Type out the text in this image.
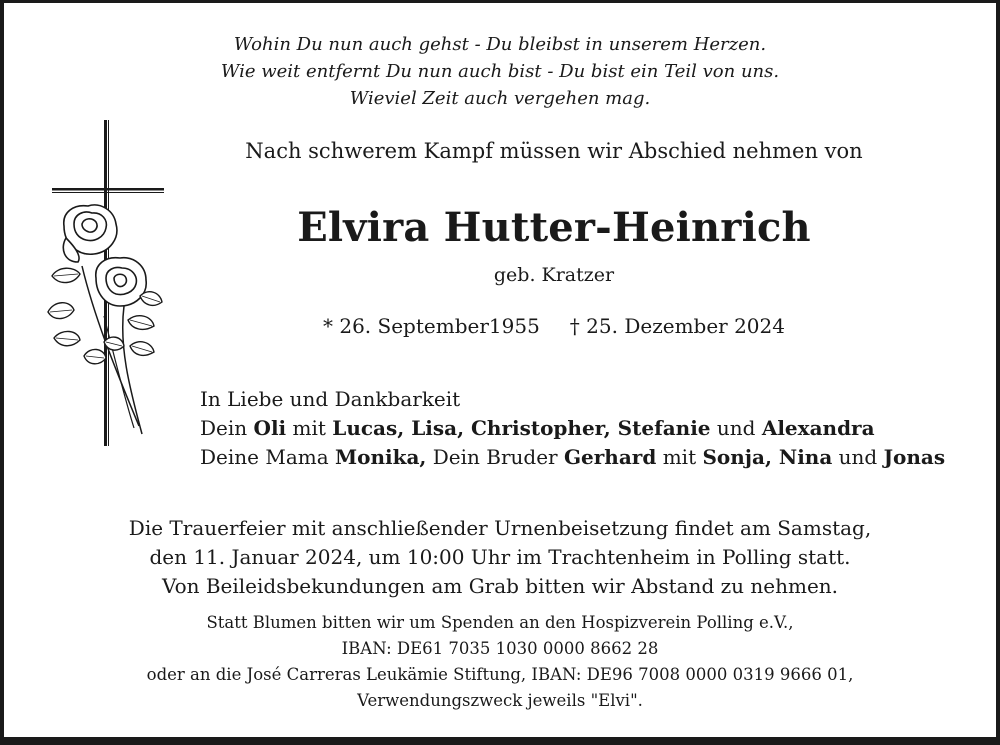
Wohin Du nun auch gehst - Du bleibst in unserem Herzen.
Wie weit entfernt Du nun auch bist - Du bist ein Teil von uns.
Wieviel Zeit auch vergehen mag.
Nach schwerem Kampf müssen wir Abschied nehmen von
Elvira Hutter-Heinrich
geb. Kratzer
* 26. September1955 † 25. Dezember 2024
In Liebe und Dankbarkeit
Dein Oli mit Lucas, Lisa, Christopher, Stefanie und Alexandra
Deine Mama Monika, Dein Bruder Gerhard mit Sonja, Nina und Jonas
Die Trauerfeier mit anschließender Urnenbeisetzung findet am Samstag,
den 11. Januar 2024, um 10:00 Uhr im Trachtenheim in Polling statt.
Von Beileidsbekundungen am Grab bitten wir Abstand zu nehmen.
Statt Blumen bitten wir um Spenden an den Hospizverein Polling e.V.,
IBAN: DE61 7035 1030 0000 8662 28
oder an die José Carreras Leukämie Stiftung, IBAN: DE96 7008 0000 0319 9666 01,
Verwendungszweck jeweils "Elvi".
